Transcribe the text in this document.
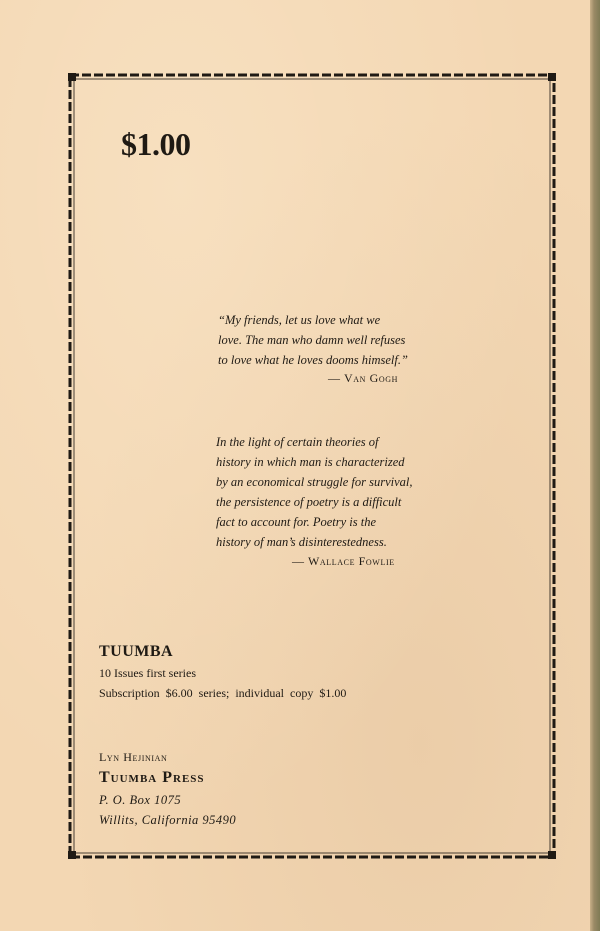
$1.00
“My friends, let us love what we
love. The man who damn well refuses
to love what he loves dooms himself.”
— Van Gogh
In the light of certain theories of
history in which man is characterized
by an economical struggle for survival,
the persistence of poetry is a difficult
fact to account for. Poetry is the
history of man’s disinterestedness.
— Wallace Fowlie
TUUMBA
10 Issues first series
Subscription $6.00 series; individual copy $1.00
Lyn Hejinian
Tuumba Press
P. O. Box 1075
Willits, California 95490
